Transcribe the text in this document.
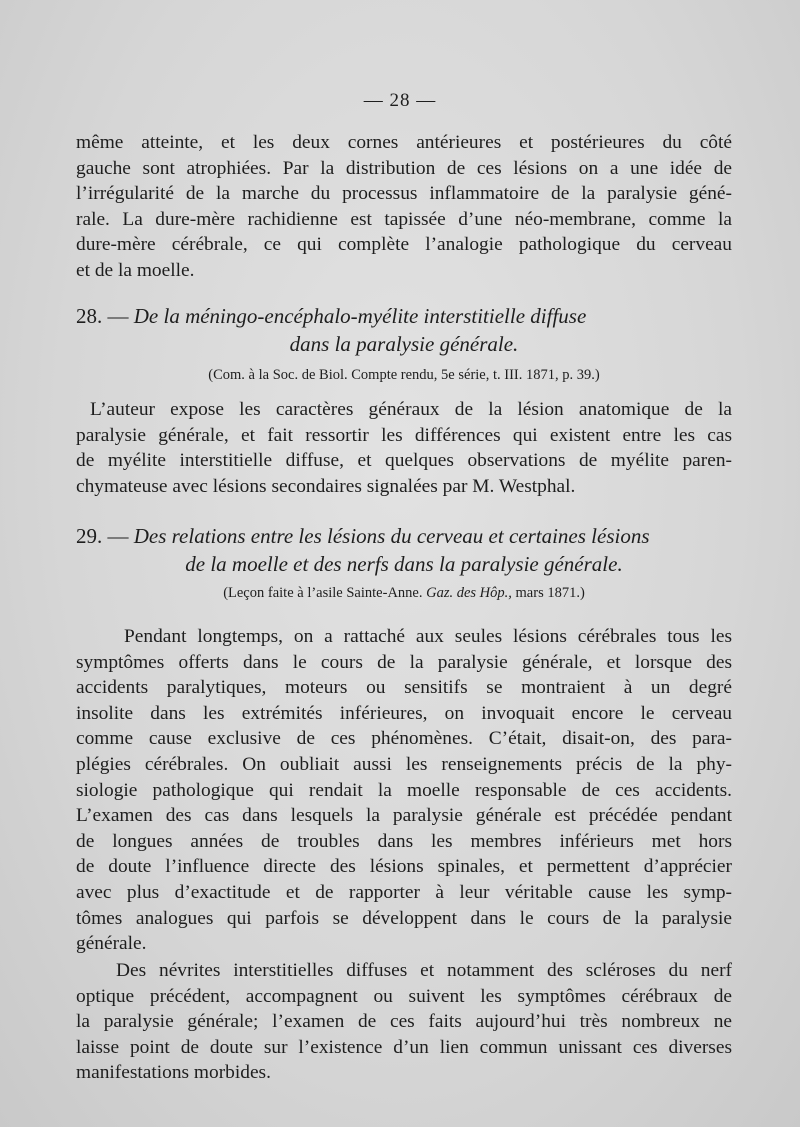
— 28 —
même atteinte, et les deux cornes antérieures et postérieures du côté
gauche sont atrophiées. Par la distribution de ces lésions on a une idée de
l’irrégularité de la marche du processus inflammatoire de la paralysie géné-
rale. La dure-mère rachidienne est tapissée d’une néo-membrane, comme la
dure-mère cérébrale, ce qui complète l’analogie pathologique du cerveau
et de la moelle.
28. — De la méningo-encéphalo-myélite interstitielle diffuse
dans la paralysie générale.
(Com. à la Soc. de Biol. Compte rendu, 5e série, t. III. 1871, p. 39.)
L’auteur expose les caractères généraux de la lésion anatomique de la
paralysie générale, et fait ressortir les différences qui existent entre les cas
de myélite interstitielle diffuse, et quelques observations de myélite paren-
chymateuse avec lésions secondaires signalées par M. Westphal.
29. — Des relations entre les lésions du cerveau et certaines lésions
de la moelle et des nerfs dans la paralysie générale.
(Leçon faite à l’asile Sainte-Anne. Gaz. des Hôp., mars 1871.)
Pendant longtemps, on a rattaché aux seules lésions cérébrales tous les
symptômes offerts dans le cours de la paralysie générale, et lorsque des
accidents paralytiques, moteurs ou sensitifs se montraient à un degré
insolite dans les extrémités inférieures, on invoquait encore le cerveau
comme cause exclusive de ces phénomènes. C’était, disait-on, des para-
plégies cérébrales. On oubliait aussi les renseignements précis de la phy-
siologie pathologique qui rendait la moelle responsable de ces accidents.
L’examen des cas dans lesquels la paralysie générale est précédée pendant
de longues années de troubles dans les membres inférieurs met hors
de doute l’influence directe des lésions spinales, et permettent d’apprécier
avec plus d’exactitude et de rapporter à leur véritable cause les symp-
tômes analogues qui parfois se développent dans le cours de la paralysie
générale.
Des névrites interstitielles diffuses et notamment des scléroses du nerf
optique précédent, accompagnent ou suivent les symptômes cérébraux de
la paralysie générale; l’examen de ces faits aujourd’hui très nombreux ne
laisse point de doute sur l’existence d’un lien commun unissant ces diverses
manifestations morbides.
